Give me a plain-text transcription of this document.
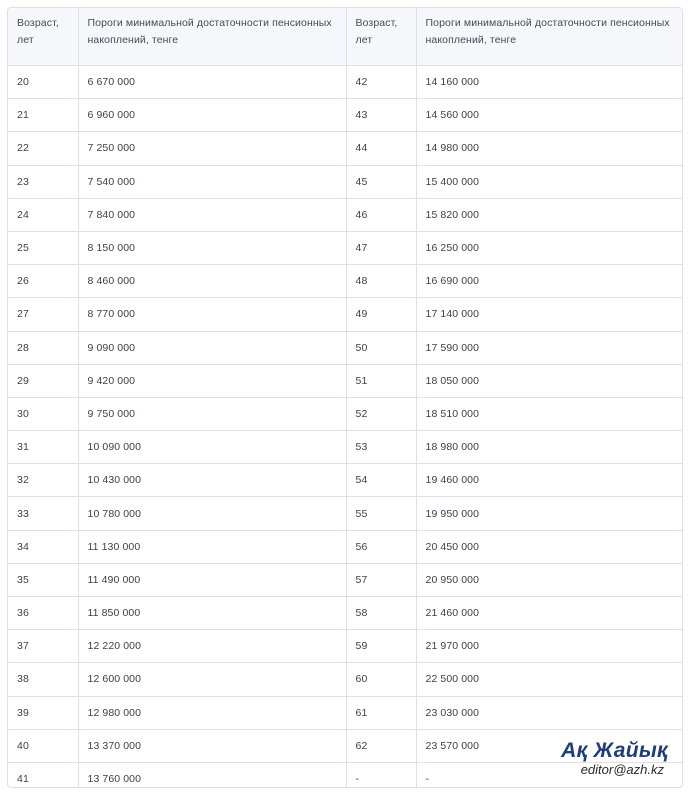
Возраст, лет	Пороги минимальной достаточности пенсионных накоплений, тенге	Возраст, лет	Пороги минимальной достаточности пенсионных накоплений, тенге
20	6 670 000	42	14 160 000
21	6 960 000	43	14 560 000
22	7 250 000	44	14 980 000
23	7 540 000	45	15 400 000
24	7 840 000	46	15 820 000
25	8 150 000	47	16 250 000
26	8 460 000	48	16 690 000
27	8 770 000	49	17 140 000
28	9 090 000	50	17 590 000
29	9 420 000	51	18 050 000
30	9 750 000	52	18 510 000
31	10 090 000	53	18 980 000
32	10 430 000	54	19 460 000
33	10 780 000	55	19 950 000
34	11 130 000	56	20 450 000
35	11 490 000	57	20 950 000
36	11 850 000	58	21 460 000
37	12 220 000	59	21 970 000
38	12 600 000	60	22 500 000
39	12 980 000	61	23 030 000
40	13 370 000	62	23 570 000
41	13 760 000	-	-
Ақ Жайық
editor@azh.kz
